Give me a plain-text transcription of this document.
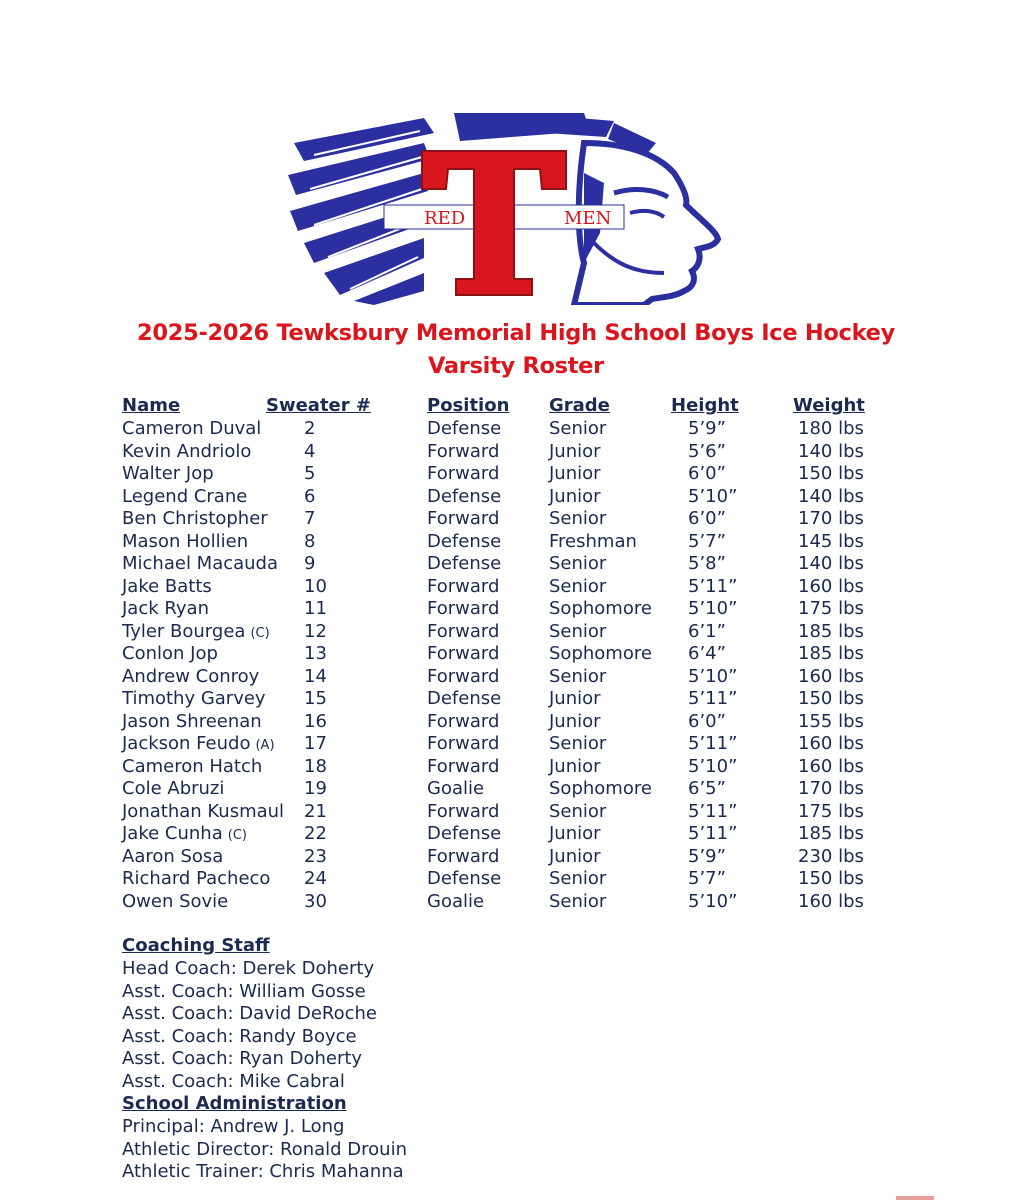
RED	MEN
2025-2026 Tewksbury Memorial High School Boys Ice Hockey
Varsity Roster
Name	Sweater #	Position Grade	Height	Weight
Cameron Duval 2	Defense	Senior	5’9”	180 lbs
Kevin Andriolo	4	Forward	Junior	5’6”	140 lbs
Walter Jop	5	Forward	Junior	6’0”	150 lbs
Legend Crane	6	Defense	Junior	5’10”	140 lbs
Ben Christopher 7	Forward	Senior	6’0”	170 lbs
Mason Hollien	8	Defense	Freshman	5’7”	145 lbs
Michael Macauda 9	Defense	Senior	5’8”	140 lbs
Jake Batts	10	Forward	Senior	5’11”	160 lbs
Jack Ryan	11	Forward	Sophomore 5’10”	175 lbs
Tyler Bourgea (C) 12	Forward	Senior	6’1”	185 lbs
Conlon Jop	13	Forward	Sophomore 6’4”	185 lbs
Andrew Conroy 14	Forward	Senior	5’10”	160 lbs
Timothy Garvey 15	Defense	Junior	5’11”	150 lbs
Jason Shreenan 16	Forward	Junior	6’0”	155 lbs
Jackson Feudo (A) 17	Forward	Senior	5’11”	160 lbs
Cameron Hatch 18	Forward	Junior	5’10”	160 lbs
Cole Abruzi	19	Goalie	Sophomore 6’5”	170 lbs
Jonathan Kusmaul 21	Forward	Senior	5’11”	175 lbs
Jake Cunha (C)	22	Defense	Junior	5’11”	185 lbs
Aaron Sosa	23	Forward	Junior	5’9”	230 lbs
Richard Pacheco 24	Defense	Senior	5’7”	150 lbs
Owen Sovie	30	Goalie	Senior	5’10”	160 lbs
Coaching Staff
Head Coach: Derek Doherty
Asst. Coach: William Gosse
Asst. Coach: David DeRoche
Asst. Coach: Randy Boyce
Asst. Coach: Ryan Doherty
Asst. Coach: Mike Cabral
School Administration
Principal: Andrew J. Long
Athletic Director: Ronald Drouin
Athletic Trainer: Chris Mahanna
